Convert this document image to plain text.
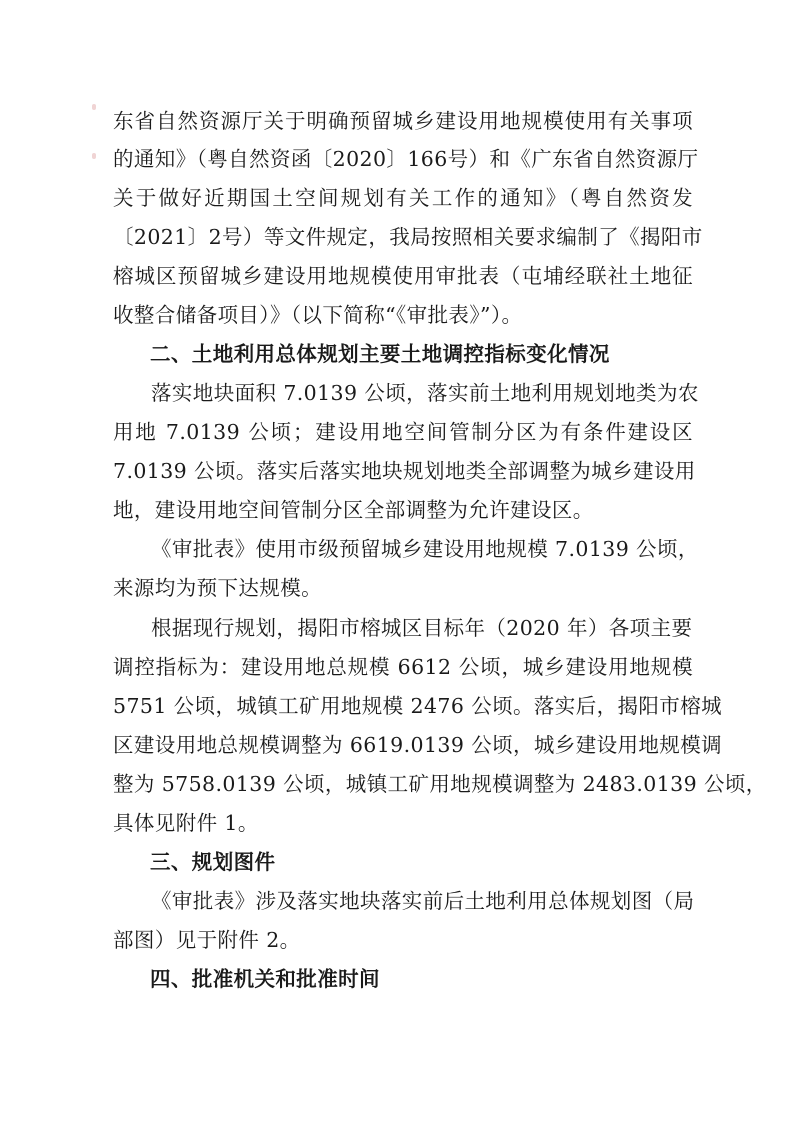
东省自然资源厅关于明确预留城乡建设用地规模使用有关事项
的通知》（粤自然资函〔2020〕166号）和《广东省自然资源厅
关于做好近期国土空间规划有关工作的通知》（粤自然资发
〔2021〕2号）等文件规定，我局按照相关要求编制了《揭阳市
榕城区预留城乡建设用地规模使用审批表（屯埔经联社土地征
收整合储备项目）》（以下简称“《审批表》”）。
二、土地利用总体规划主要土地调控指标变化情况
落实地块面积 7.0139 公顷，落实前土地利用规划地类为农
用地 7.0139 公顷；建设用地空间管制分区为有条件建设区
7.0139 公顷。落实后落实地块规划地类全部调整为城乡建设用
地，建设用地空间管制分区全部调整为允许建设区。
《审批表》使用市级预留城乡建设用地规模 7.0139 公顷，
来源均为预下达规模。
根据现行规划，揭阳市榕城区目标年（2020 年）各项主要
调控指标为：建设用地总规模 6612 公顷，城乡建设用地规模
5751 公顷，城镇工矿用地规模 2476 公顷。落实后，揭阳市榕城
区建设用地总规模调整为 6619.0139 公顷，城乡建设用地规模调
整为 5758.0139 公顷，城镇工矿用地规模调整为 2483.0139 公顷，
具体见附件 1。
三、规划图件
《审批表》涉及落实地块落实前后土地利用总体规划图（局
部图）见于附件 2。
四、批准机关和批准时间
